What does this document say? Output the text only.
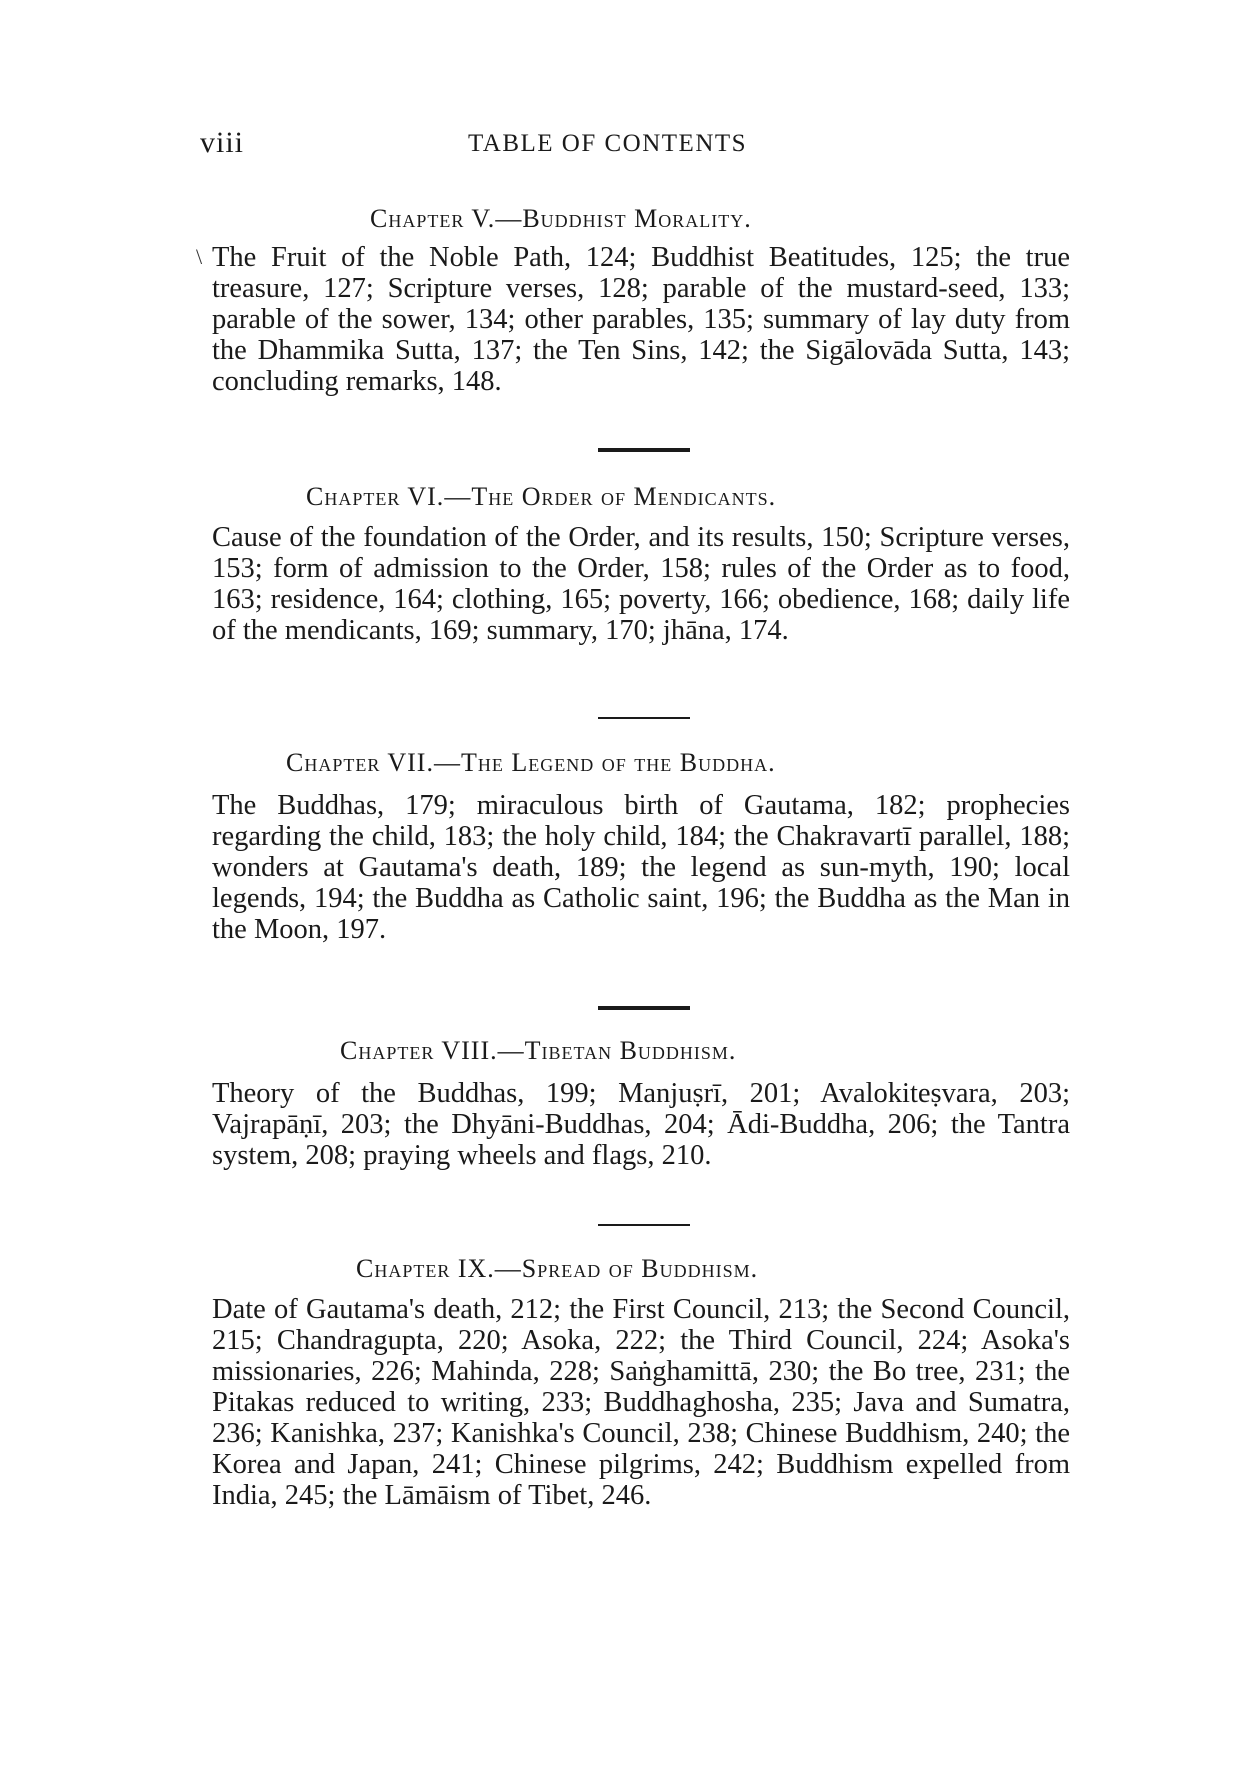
viii	TABLE OF CONTENTS
Chapter V.—Buddhist Morality.
\ The Fruit of the Noble Path, 124; Buddhist Beatitudes, 125; the true treasure, 127; Scripture verses, 128; parable of the mustard-seed, 133; parable of the sower, 134; other parables, 135; summary of lay duty from the Dhammika Sutta, 137; the Ten Sins, 142; the Sigālovāda Sutta, 143; concluding remarks, 148.
Chapter VI.—The Order of Mendicants.
Cause of the foundation of the Order, and its results, 150; Scripture verses, 153; form of admission to the Order, 158; rules of the Order as to food, 163; residence, 164; clothing, 165; poverty, 166; obedience, 168; daily life of the mendicants, 169; summary, 170; jhāna, 174.
Chapter VII.—The Legend of the Buddha.
The Buddhas, 179; miraculous birth of Gautama, 182; prophecies regarding the child, 183; the holy child, 184; the Chakravartī parallel, 188; wonders at Gautama's death, 189; the legend as sun-myth, 190; local legends, 194; the Buddha as Catholic saint, 196; the Buddha as the Man in the Moon, 197.
Chapter VIII.—Tibetan Buddhism.
Theory of the Buddhas, 199; Manjuṣrī, 201; Avalokiteṣvara, 203; Vajrapāṇī, 203; the Dhyāni-Buddhas, 204; Ādi-Buddha, 206; the Tantra system, 208; praying wheels and flags, 210.
Chapter IX.—Spread of Buddhism.
Date of Gautama's death, 212; the First Council, 213; the Second Council, 215; Chandragupta, 220; Asoka, 222; the Third Council, 224; Asoka's missionaries, 226; Mahinda, 228; Saṅghamittā, 230; the Bo tree, 231; the Pitakas reduced to writing, 233; Buddhaghosha, 235; Java and Sumatra, 236; Kanishka, 237; Kanishka's Council, 238; Chinese Buddhism, 240; the Korea and Japan, 241; Chinese pilgrims, 242; Buddhism expelled from India, 245; the Lāmāism of Tibet, 246.
